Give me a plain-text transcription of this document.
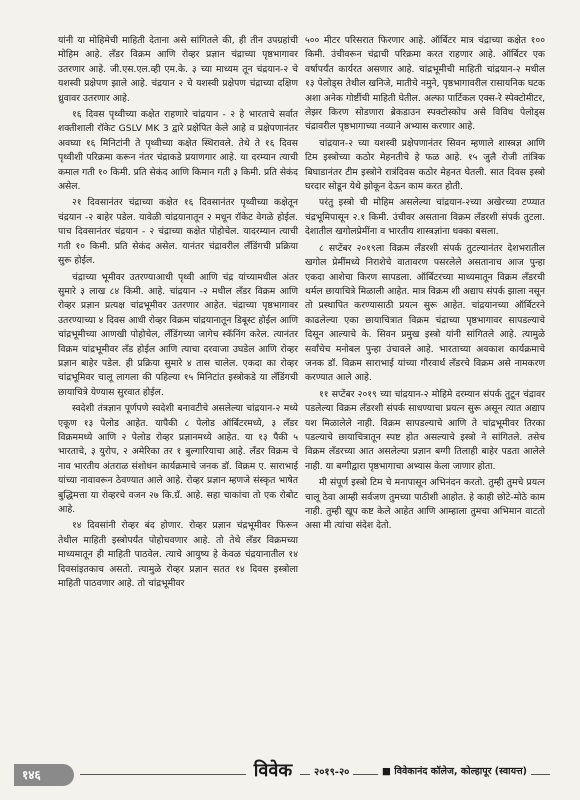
यांनी या मोहिमेची माहिती देताना असे सांगितले की, ही तीन उपग्रहांची मोहिम आहे. लॅंडर विक्रम आणि रोव्हर प्रज्ञान चंद्राच्या पृष्ठभागावर उतरणार आहे. जी.एस.एल.व्ही एम.के. ३ च्या माध्यम तून चंद्रयान-२ चे यशस्वी प्रक्षेपण झाले आहे. चंद्रयान २ चे यशस्वी प्रक्षेपण चंद्राच्या दक्षिण ध्रुवावर उतरणार आहे.

१६ दिवस पृथ्वीच्या कक्षेत राहणारे चांद्रयान - २ हे भारताचे सर्वात शक्तीशाली रॉकेट GSLV MK 3 द्वारे प्रक्षेपित केले आहे व प्रक्षेपणानंतर अवघ्या १६ मिनिटांनी ते पृथ्वीच्या कक्षेत स्थिरावले. तेथे ते १६ दिवस पृथ्वीशी परिक्रमा करून नंतर चंद्राकडे प्रयाणगार आहे. या दरम्यान त्याची कमाल गती १० किमी. प्रति सेकंद आणि किमान गती ३ किमी. प्रति सेकंद असेल.

२१ दिवसानंतर चंद्राच्या कक्षेत १६ दिवसानंतर पृथ्वीच्या कक्षेतून चंद्रयान -२ बाहेर पडेल. यावेळी चांद्रयानातून २ मधून रॉकेट वेगळे होईल. पाच दिवसानंतर चंद्रयान - २ चंद्राच्या कक्षेत पोहोचेल. यादरम्यान त्याची गती १० किमी. प्रति सेकंद असेल. यानंतर चंद्रावरील लँडिंगची प्रक्रिया सुरू होईल.

चंद्राच्या भूमीवर उतरण्याआधी पृथ्वी आणि चंद्र यांच्यामधील अंतर सुमारे ३ लाख ८४ किमी. आहे. चांद्रयान -२ मधील लँडर विक्रम आणि रोव्हर प्रज्ञान प्रत्यक्ष चांद्रभूमीवर उतरणार आहेत. चंद्राच्या पृष्ठभागावर उतरण्याच्या ४ दिवस आधी रोव्हर विक्रम चांद्रयानातून डिबूस्ट होईल आणि चांद्रभूमीच्या आणखी पोहोचेल, लँडिंगच्या जागेच स्कॅनिंग करेल. त्यानंतर विक्रम चांद्रभूमीवर लँड होईल आणि त्याचा दरवाजा उघडेल आणि रोव्हर प्रज्ञान बाहेर पडेल. ही प्रक्रिया सुमारे ४ तास चालेल. एकदा का रोव्हर चांद्रभूमिवर चालू लागला की पहिल्या १५ मिनिटांत इस्त्रोकडे या लँडिंगची छायाचित्रे येण्यास सुरवात होईल.

स्वदेशी तंत्रज्ञान पूर्णपणे स्वदेशी बनावटीचे असलेल्या चांद्रयान-२ मध्ये एकूण १३ पेलोड आहेत. यापैकी ८ पेलोड ऑर्बिटरमध्ये, ३ लँडर विक्रममध्ये आणि २ पेलोड रोव्हर प्रज्ञानमध्ये आहेत. या १३ पैकी ५ भारताचे, ३ युरोप, २ अमेरिका तर १ बुल्गारियाचा आहे. लँडर विक्रम चे नाव भारतीय अंतराळ संशोधन कार्यक्रमाचे जनक डॉ. विक्रम ए. साराभाई यांच्या नावावरून ठेवण्यात आले आहे. रोव्हर प्रज्ञान म्हणजे संस्कृत भाषेत बुद्धिमत्ता या रोव्हरचे वजन २७ कि.ग्रॅ. आहे. सहा चाकांचा तो एक रोबोट आहे.

१४ दिवसांनी रोव्हर बंद होणार. रोव्हर प्रज्ञान चंद्रभूमीवर फिरून तेथील माहिती इस्त्रोपर्यंत पोहोचवणार आहे. तो तेथे लँडर विक्रमच्या माध्यमातून ही माहिती पाठवेल. त्याचे आयुष्य हे केवळ चंद्रयानातील १४ दिवसांइतकाच असतो. त्यामुळे रोव्हर प्रज्ञान सतत १४ दिवस इस्त्रोला माहिती पाठवणार आहे. तो चांद्रभूमीवर

५०० मीटर परिसरात फिरणार आहे. ऑर्बिटर मात्र चंद्राच्या कक्षेत १०० किमी. उंचीवरून चंद्राची परिक्रमा करत राहणार आहे. ऑर्बिटर एक वर्षापर्यंत कार्यरत असणार आहे. चांद्रभूमीची माहिती चांद्रयान-२ मधील १३ पेलोड्स तेथील खनिजे, मातीचे नमुने, पृष्ठभागावरील रासायनिक घटक अशा अनेक गोष्टींची माहिती घेतील. अल्फा पार्टिकल एक्स-रे स्पेक्टोमीटर, लेझर किरण सोडणारा ब्रेकडाउन स्पक्टोस्कोप असे विविध पेलोड्स चंद्रावरील पृष्ठभागाच्या नव्याने अभ्यास करणार आहे.

चांद्रयान-२ च्या यशस्वी प्रक्षेपणानंतर सिवन म्हणाले शास्त्रज्ञ आणि टिम इस्त्रोच्या कठोर मेहनतीचे हे फळ आहे. १५ जुलै रोजी तांत्रिक बिघाडानंतर टीम इस्त्रोने रात्रंदिवस कठोर मेहनत घेतली. सात दिवस इस्त्रो घरदार सोडून येथे झोकून देऊन काम करत होती.

परंतु इस्त्रो ची मोहिम असलेल्या चांद्रयान-२च्या अखेरच्या टप्प्यात चंद्रभूमिपासून २.१ किमी. उंचीवर असताना विक्रम लँडरशी संपर्क तुटला. देशातील खगोलप्रेमींना व भारतीय शास्त्रज्ञांना धक्का बसला.

८ सप्टेंबर २०१९ला विक्रम लँडरशी संपर्क तुटल्यानंतर देशभरातील खगोल प्रेमींमध्ये निराशेचे वातावरण पसरलेले असतानाच आज पुन्हा एकदा आशेचा किरण सापडला. ऑर्बिटरच्या माध्यमातून विक्रम लँडरची थर्मल छायाचित्रे मिळाली आहेत. मात्र विक्रम शी अद्याप संपर्क झाला नसून तो प्रस्थापित करण्यासाठी प्रयत्न सुरू आहेत. चांद्रयानच्या ऑर्बिटरने काढलेल्या एका छायाचित्रात विक्रम चंद्राच्या पृष्ठभागावर सापडल्याचे दिसून आल्याचे के. सिवन प्रमुख इस्त्रो यांनी सांगितले आहे. त्यामुळे सर्वांचेच मनोबल पुन्हा उंचावले आहे. भारताच्या अवकाश कार्यक्रमाचे जनक डॉ. विक्रम साराभाई यांच्या गौरवार्थ लँडरचे विक्रम असे नामकरण करण्यात आले आहे.

११ सप्टेंबर २०१९ च्या चांद्रयान-२ मोहिमे दरम्यान संपर्क तुटून चंद्रावर पडलेल्या विक्रम लँडरशी संपर्क साधण्याचा प्रयत्न सुरू असून त्यात अद्याप यश मिळालेले नाही. विक्रम सापडल्याचे आणि ते चांद्रभूमीवर तिरका पडल्याचे छायाचित्रातून स्पष्ट होत असल्याचे इस्त्रो ने सांगितले. तसेच विक्रम लँडरच्या आत असलेल्या प्रज्ञान बग्गी तिलाही बाहेर पडता आलेले नाही. या बग्गीद्वारा पृष्ठभागाचा अभ्यास केला जाणार होता.

मी संपूर्ण इस्त्रो टिम चे मनापासून अभिनंदन करतो. तुम्ही तुमचे प्रयत्न चालू ठेवा आम्ही सर्वजण तुमच्या पाठीशी आहोत. हे काही छोटे-मोठे काम नाही. तुम्ही खूप कष्ट केले आहेत आणि आम्हाला तुमचा अभिमान वाटतो असा मी त्यांचा संदेश देतो.

१४६	विवेक	२०१९-२०	■ विवेकानंद कॉलेज, कोल्हापूर (स्वायत्त)
